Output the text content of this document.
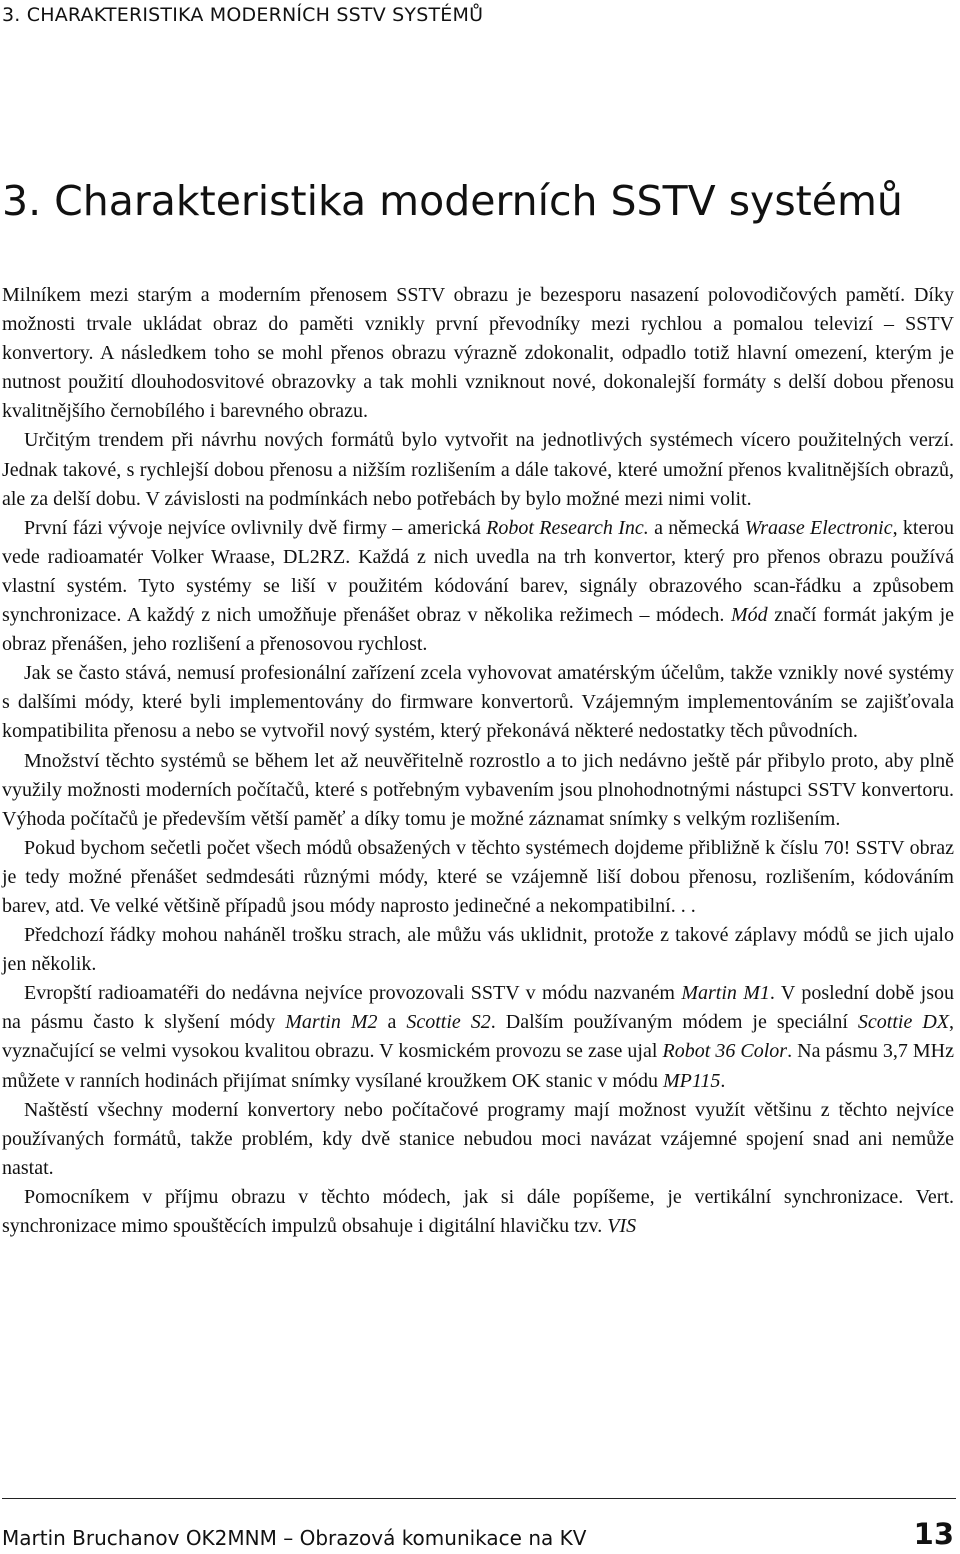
3. CHARAKTERISTIKA MODERNÍCH SSTV SYSTÉMŮ
3. Charakteristika moderních SSTV systémů

Milníkem mezi starým a moderním přenosem SSTV obrazu je bezesporu nasazení polovodičových pamětí. Díky možnosti trvale ukládat obraz do paměti vznikly první převodníky mezi rychlou a pomalou televizí – SSTV konvertory. A následkem toho se mohl přenos obrazu výrazně zdokonalit, odpadlo totiž hlavní omezení, kterým je nutnost použití dlouhodosvitové obrazovky a tak mohli vzniknout nové, dokonalejší formáty s delší dobou přenosu kvalitnějšího černobílého i barevného obrazu.

Určitým trendem při návrhu nových formátů bylo vytvořit na jednotlivých systémech vícero použitelných verzí. Jednak takové, s rychlejší dobou přenosu a nižším rozlišením a dále takové, které umožní přenos kvalitnějších obrazů, ale za delší dobu. V závislosti na podmínkách nebo potřebách by bylo možné mezi nimi volit.

První fázi vývoje nejvíce ovlivnily dvě firmy – americká Robot Research Inc. a německá Wraase Electronic, kterou vede radioamatér Volker Wraase, DL2RZ. Každá z nich uvedla na trh konvertor, který pro přenos obrazu používá vlastní systém. Tyto systémy se liší v použitém kódování barev, signály obrazového scan-řádku a způsobem synchronizace. A každý z nich umožňuje přenášet obraz v několika režimech – módech. Mód značí formát jakým je obraz přenášen, jeho rozlišení a přenosovou rychlost.

Jak se často stává, nemusí profesionální zařízení zcela vyhovovat amatérským účelům, takže vznikly nové systémy s dalšími módy, které byli implementovány do firmware konvertorů. Vzájemným implementováním se zajišťovala kompatibilita přenosu a nebo se vytvořil nový systém, který překonává některé nedostatky těch původních.

Množství těchto systémů se během let až neuvěřitelně rozrostlo a to jich nedávno ještě pár přibylo proto, aby plně využily možnosti moderních počítačů, které s potřebným vybavením jsou plnohodnotnými nástupci SSTV konvertoru. Výhoda počítačů je především větší paměť a díky tomu je možné záznamat snímky s velkým rozlišením.

Pokud bychom sečetli počet všech módů obsažených v těchto systémech dojdeme přibližně k číslu 70! SSTV obraz je tedy možné přenášet sedmdesáti různými módy, které se vzájemně liší dobou přenosu, rozlišením, kódováním barev, atd. Ve velké většině případů jsou módy naprosto jedinečné a nekompatibilní. . .

Předchozí řádky mohou naháněl trošku strach, ale můžu vás uklidnit, protože z takové záplavy módů se jich ujalo jen několik.

Evropští radioamatéři do nedávna nejvíce provozovali SSTV v módu nazvaném Martin M1. V poslední době jsou na pásmu často k slyšení módy Martin M2 a Scottie S2. Dalším používaným módem je speciální Scottie DX, vyznačující se velmi vysokou kvalitou obrazu. V kosmickém provozu se zase ujal Robot 36 Color. Na pásmu 3,7 MHz můžete v ranních hodinách přijímat snímky vysílané kroužkem OK stanic v módu MP115.

Naštěstí všechny moderní konvertory nebo počítačové programy mají možnost využít většinu z těchto nejvíce používaných formátů, takže problém, kdy dvě stanice nebudou moci navázat vzájemné spojení snad ani nemůže nastat.

Pomocníkem v příjmu obrazu v těchto módech, jak si dále popíšeme, je vertikální synchronizace. Vert. synchronizace mimo spouštěcích impulzů obsahuje i digitální hlavičku tzv. VIS

Martin Bruchanov OK2MNM – Obrazová komunikace na KV	13
